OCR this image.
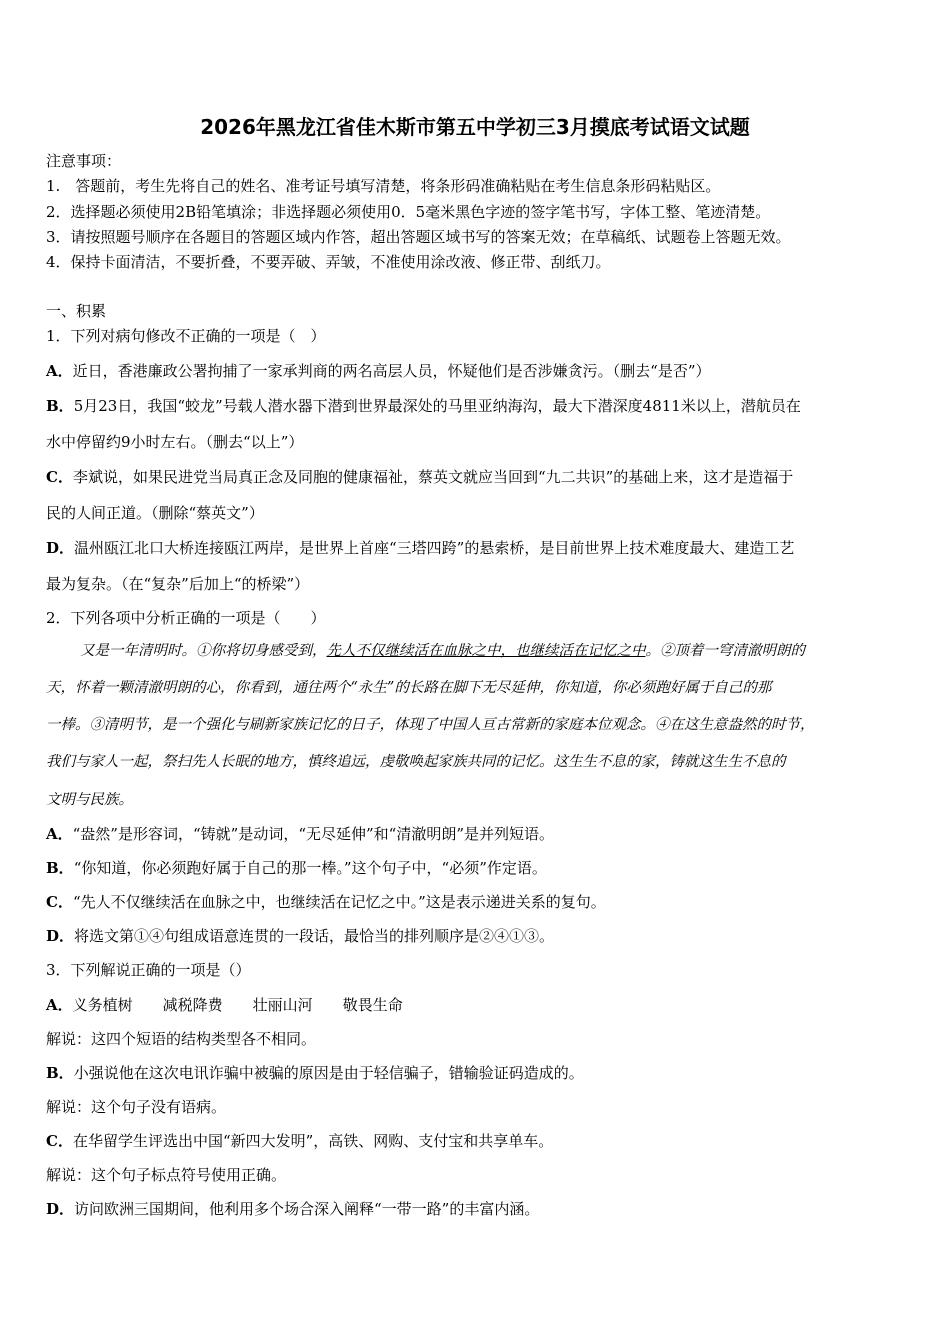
2026年黑龙江省佳木斯市第五中学初三3月摸底考试语文试题
注意事项：
1.　答题前，考生先将自己的姓名、准考证号填写清楚，将条形码准确粘贴在考生信息条形码粘贴区。
2．选择题必须使用2B铅笔填涂；非选择题必须使用0．5毫米黑色字迹的签字笔书写，字体工整、笔迹清楚。
3．请按照题号顺序在各题目的答题区域内作答，超出答题区域书写的答案无效；在草稿纸、试题卷上答题无效。
4．保持卡面清洁，不要折叠，不要弄破、弄皱，不准使用涂改液、修正带、刮纸刀。
一、积累
1．下列对病句修改不正确的一项是（　）
A．近日，香港廉政公署拘捕了一家承判商的两名高层人员，怀疑他们是否涉嫌贪污。（删去“是否”）
B．5月23日，我国“蛟龙”号载人潜水器下潜到世界最深处的马里亚纳海沟，最大下潜深度4811米以上，潜航员在
水中停留约9小时左右。（删去“以上”）
C．李斌说，如果民进党当局真正念及同胞的健康福祉，蔡英文就应当回到“九二共识”的基础上来，这才是造福于
民的人间正道。（删除“蔡英文”）
D．温州瓯江北口大桥连接瓯江两岸，是世界上首座“三塔四跨”的悬索桥，是目前世界上技术难度最大、建造工艺
最为复杂。（在“复杂”后加上“的桥梁”）
2．下列各项中分析正确的一项是（　　）
又是一年清明时。①你将切身感受到，先人不仅继续活在血脉之中，也继续活在记忆之中。②顶着一穹清澈明朗的
天，怀着一颗清澈明朗的心，你看到，通往两个“永生”的长路在脚下无尽延伸，你知道，你必须跑好属于自己的那
一棒。③清明节，是一个强化与刷新家族记忆的日子，体现了中国人亘古常新的家庭本位观念。④在这生意盎然的时节，
我们与家人一起，祭扫先人长眠的地方，慎终追远，虔敬唤起家族共同的记忆。这生生不息的家，铸就这生生不息的
文明与民族。
A．“盎然”是形容词，“铸就”是动词，“无尽延伸”和“清澈明朗”是并列短语。
B．“你知道，你必须跑好属于自己的那一棒。”这个句子中，“必须”作定语。
C．“先人不仅继续活在血脉之中，也继续活在记忆之中。”这是表示递进关系的复句。
D．将选文第①④句组成语意连贯的一段话，最恰当的排列顺序是②④①③。
3．下列解说正确的一项是（）
A．义务植树 减税降费 壮丽山河 敬畏生命
解说：这四个短语的结构类型各不相同。
B．小强说他在这次电讯诈骗中被骗的原因是由于轻信骗子，错输验证码造成的。
解说：这个句子没有语病。
C．在华留学生评选出中国“新四大发明”，高铁、网购、支付宝和共享单车。
解说：这个句子标点符号使用正确。
D．访问欧洲三国期间，他利用多个场合深入阐释“一带一路”的丰富内涵。
